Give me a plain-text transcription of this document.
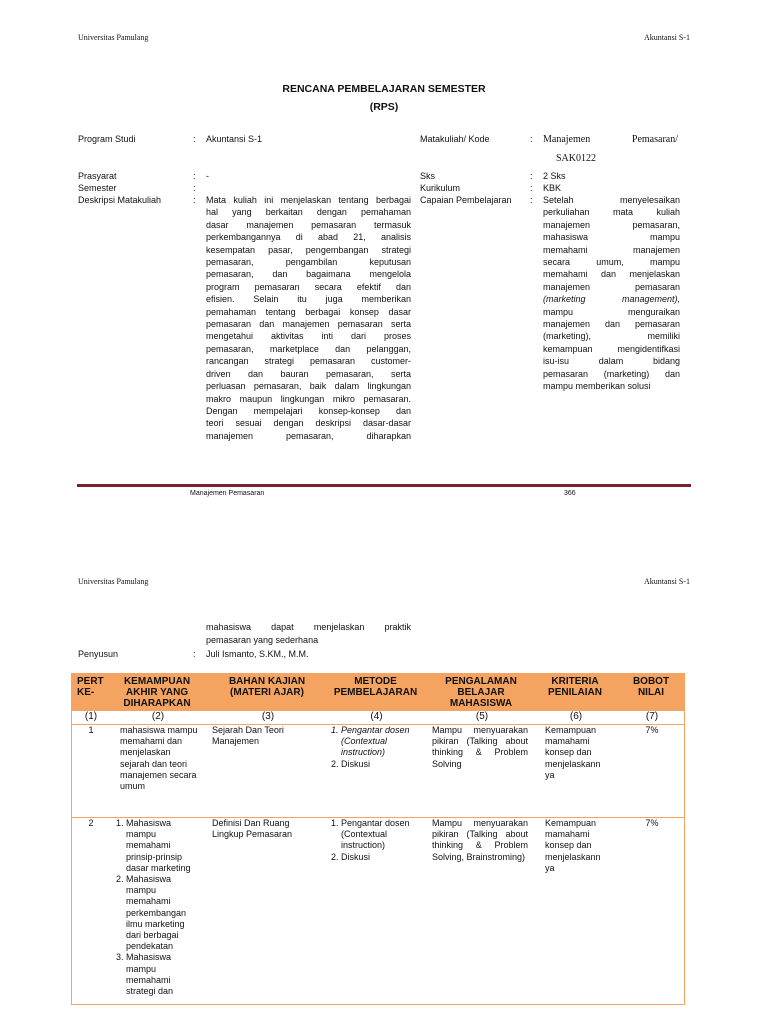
Universitas Pamulang	Akuntansi S-1
RENCANA PEMBELAJARAN SEMESTER
(RPS)
Program Studi	: Akuntansi S-1
Prasyarat	: -
Semester	:
Deskripsi Matakuliah	: Mata kuliah ini menjelaskan tentang berbagai
hal yang berkaitan dengan pemahaman
dasar manajemen pemasaran termasuk
perkembangannya di abad 21, analisis
kesempatan pasar, pengembangan strategi
pemasaran, pengambilan keputusan
pemasaran, dan bagaimana mengelola
program pemasaran secara efektif dan
efisien. Selain itu juga memberikan
pemahaman tentang berbagai konsep dasar
pemasaran dan manajemen pemasaran serta
mengetahui aktivitas inti dari proses
pemasaran, marketplace dan pelanggan,
rancangan strategi pemasaran customer-
driven dan bauran pemasaran, serta
perluasan pemasaran, baik dalam lingkungan
makro maupun lingkungan mikro pemasaran.
Dengan mempelajari konsep-konsep dan
teori sesuai dengan deskripsi dasar-dasar
manajemen pemasaran, diharapkan
Matakuliah/ Kode	: Manajemen	Pemasaran/
SAK0122
Sks	: 2 Sks
Kurikulum	: KBK
Capaian Pembelajaran : Setelah menyelesaikan
perkuliahan mata kuliah
manajemen pemasaran,
mahasiswa mampu
memahami manajemen
secara umum, mampu
memahami dan menjelaskan
manajemen pemasaran
(marketing management),
mampu menguraikan
manajemen dan pemasaran
(marketing), memiliki
kemampuan mengidentifkasi
isu-isu dalam bidang
pemasaran (marketing) dan
mampu memberikan solusi
Manajemen Pemasaran	366
Universitas Pamulang	Akuntansi S-1
mahasiswa dapat menjelaskan praktik
pemasaran yang sederhana
Penyusun	: Juli Ismanto, S.KM., M.M.
PERT KE-
KEMAMPUAN AKHIR YANG DIHARAPKAN
BAHAN KAJIAN (MATERI AJAR)
METODE PEMBELAJARAN
PENGALAMAN BELAJAR MAHASISWA
KRITERIA PENILAIAN
BOBOT NILAI
(1)	(2)	(3)	(4)	(5)	(6)	(7)
1	mahasiswa mampu memahami dan menjelaskan sejarah dan teori manajemen secara umum
Sejarah Dan Teori Manajemen
1. Pengantar dosen (Contextual instruction)
2. Diskusi
Mampu menyuarakan pikiran (Talking about thinking & Problem Solving
Kemampuan mamahami konsep dan menjelaskann ya
7%
2
1.	Mahasiswa mampu memahami prinsip-prinsip dasar marketing
2. Mahasiswa mampu memahami perkembangan ilmu marketing dari berbagai pendekatan
3. Mahasiswa mampu memahami strategi dan
Definisi Dan Ruang Lingkup Pemasaran
1. Pengantar dosen (Contextual instruction)
2. Diskusi
Mampu menyuarakan pikiran (Talking about thinking & Problem Solving, Brainstroming)
Kemampuan mamahami konsep dan menjelaskann ya
7%
